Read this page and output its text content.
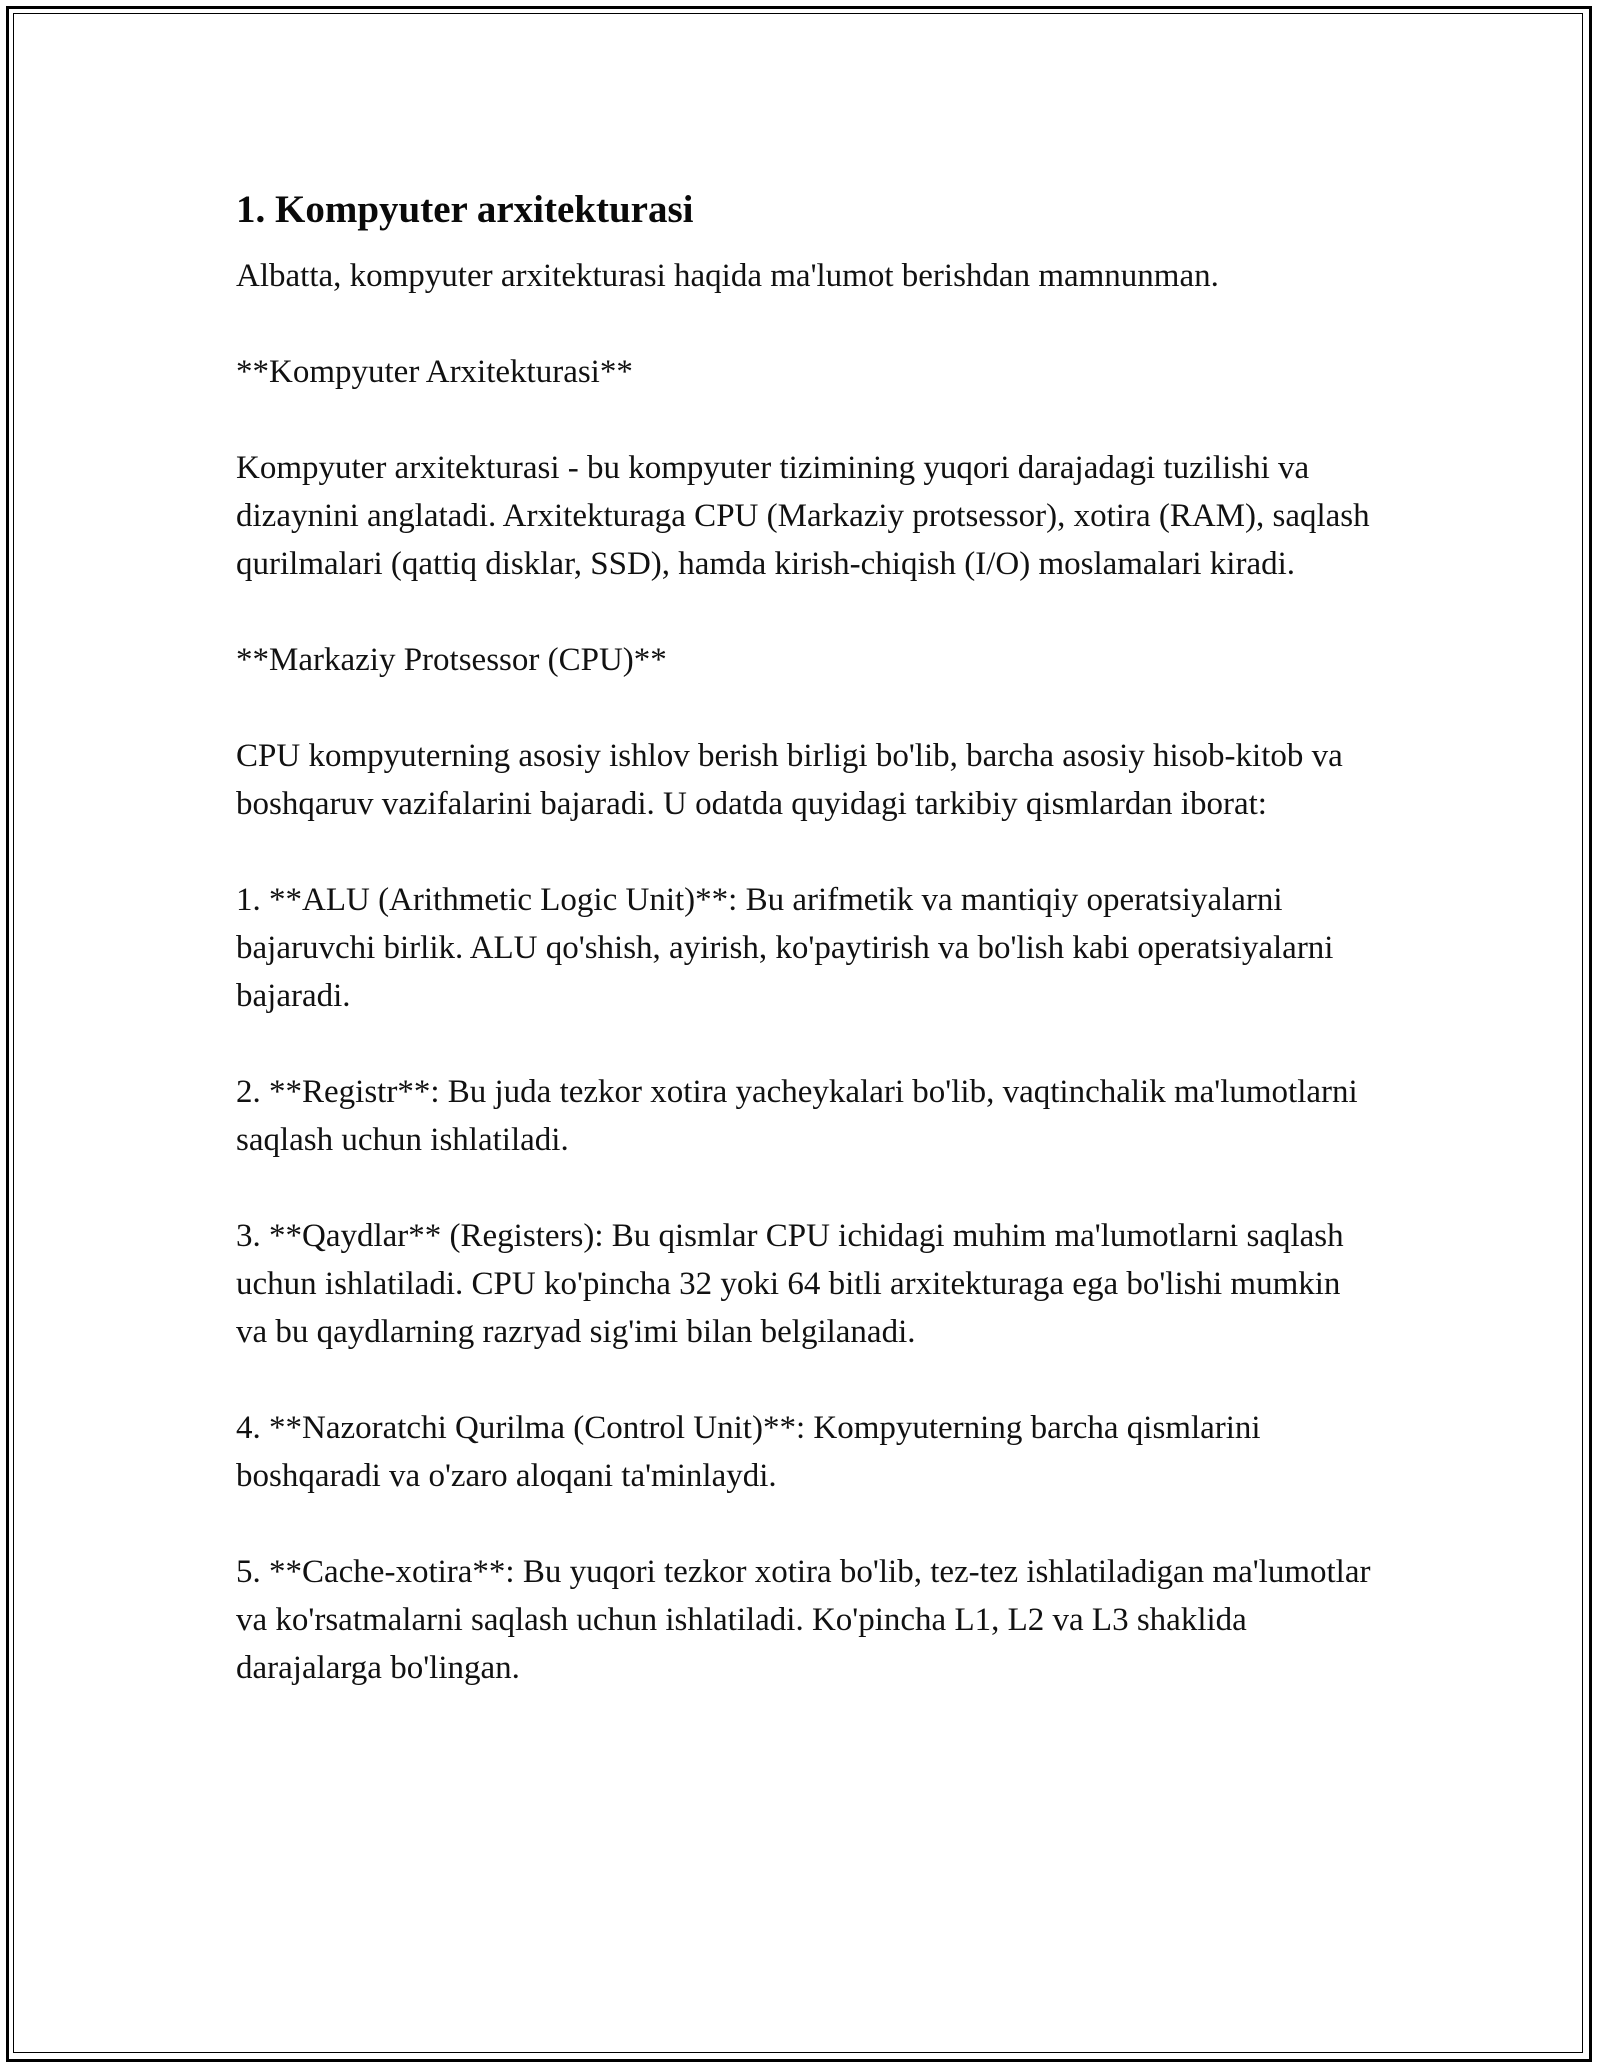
1. Kompyuter arxitekturasi

Albatta, kompyuter arxitekturasi haqida ma'lumot berishdan mamnunman.

**Kompyuter Arxitekturasi**

Kompyuter arxitekturasi - bu kompyuter tizimining yuqori darajadagi tuzilishi va dizaynini anglatadi. Arxitekturaga CPU (Markaziy protsessor), xotira (RAM), saqlash qurilmalari (qattiq disklar, SSD), hamda kirish-chiqish (I/O) moslamalari kiradi.

**Markaziy Protsessor (CPU)**

CPU kompyuterning asosiy ishlov berish birligi bo'lib, barcha asosiy hisob-kitob va boshqaruv vazifalarini bajaradi. U odatda quyidagi tarkibiy qismlardan iborat:

1. **ALU (Arithmetic Logic Unit)**: Bu arifmetik va mantiqiy operatsiyalarni bajaruvchi birlik. ALU qo'shish, ayirish, ko'paytirish va bo'lish kabi operatsiyalarni bajaradi.

2. **Registr**: Bu juda tezkor xotira yacheykalari bo'lib, vaqtinchalik ma'lumotlarni saqlash uchun ishlatiladi.

3. **Qaydlar** (Registers): Bu qismlar CPU ichidagi muhim ma'lumotlarni saqlash uchun ishlatiladi. CPU ko'pincha 32 yoki 64 bitli arxitekturaga ega bo'lishi mumkin va bu qaydlarning razryad sig'imi bilan belgilanadi.

4. **Nazoratchi Qurilma (Control Unit)**: Kompyuterning barcha qismlarini boshqaradi va o'zaro aloqani ta'minlaydi.

5. **Cache-xotira**: Bu yuqori tezkor xotira bo'lib, tez-tez ishlatiladigan ma'lumotlar va ko'rsatmalarni saqlash uchun ishlatiladi. Ko'pincha L1, L2 va L3 shaklida darajalarga bo'lingan.
